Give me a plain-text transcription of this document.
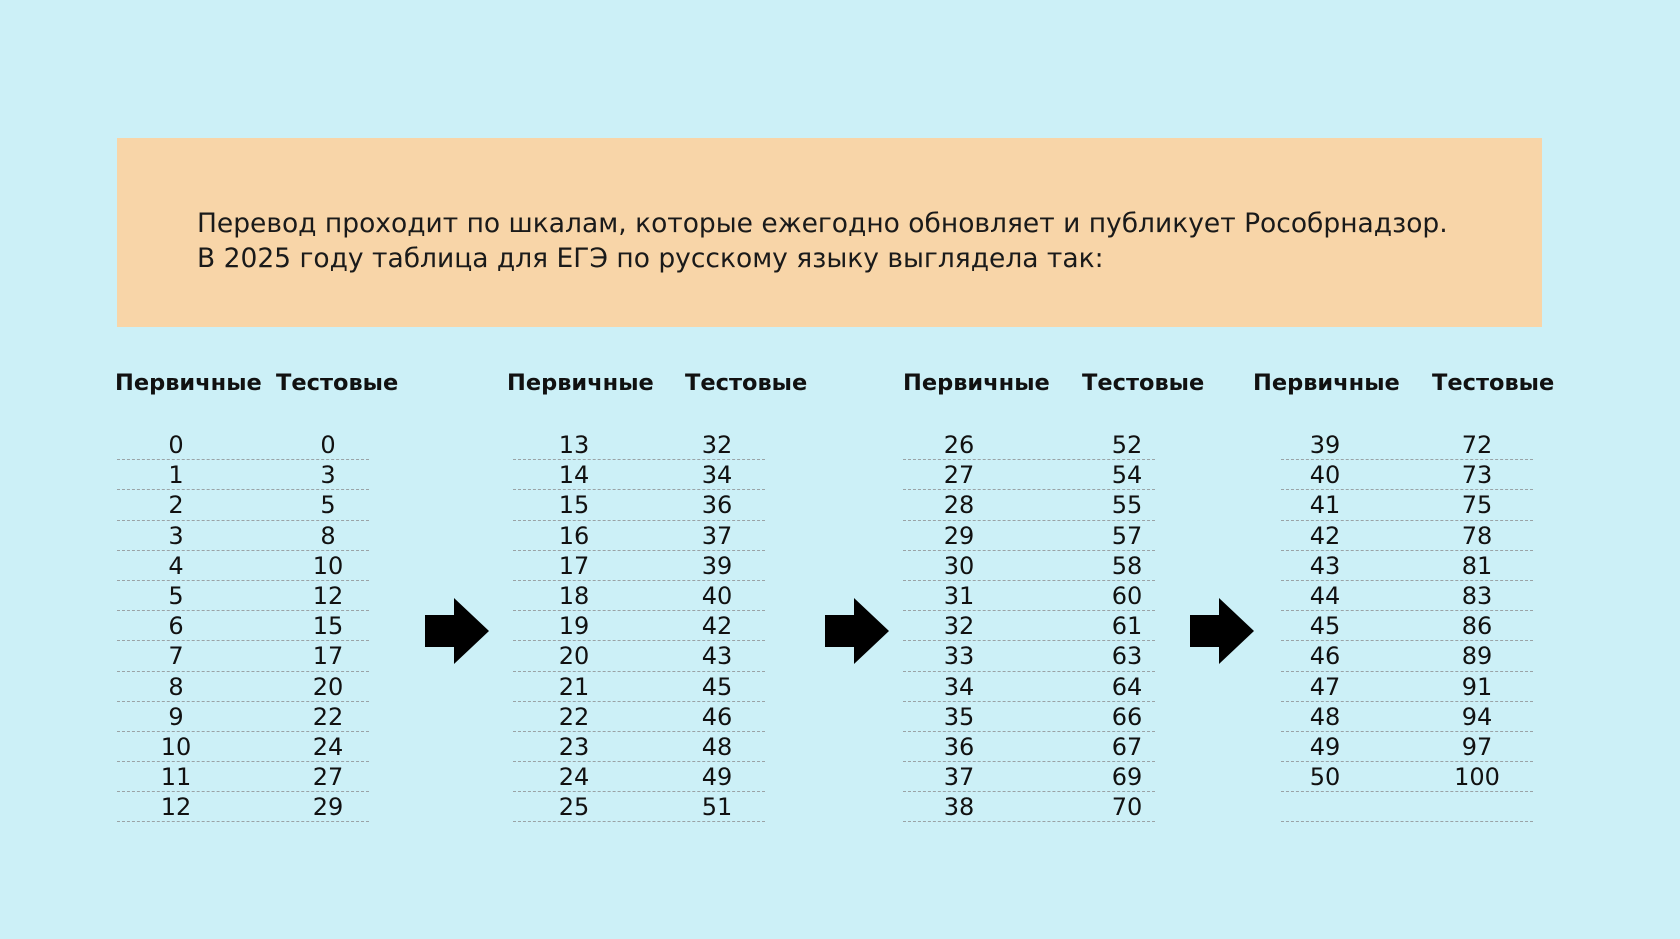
Перевод проходит по шкалам, которые ежегодно обновляет и публикует Рособрнадзор.
В 2025 году таблица для ЕГЭ по русскому языку выглядела так:
Первичные Тестовые
0	0
1	3
2	5
3	8
4	10
5	12
6	15
7	17
8	20
9	22
10	24
11	27
12	29
Первичные Тестовые
13	32
14	34
15	36
16	37
17	39
18	40
19	42
20	43
21	45
22	46
23	48
24	49
25	51
Первичные Тестовые
26	52
27	54
28	55
29	57
30	58
31	60
32	61
33	63
34	64
35	66
36	67
37	69
38	70
Первичные Тестовые
39	72
40	73
41	75
42	78
43	81
44	83
45	86
46	89
47	91
48	94
49	97
50	100
